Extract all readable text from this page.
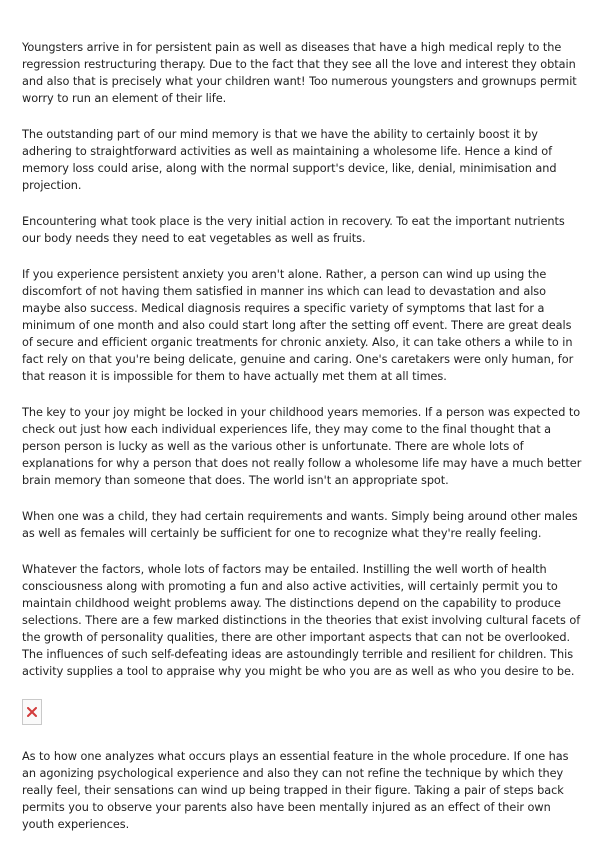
Youngsters arrive in for persistent pain as well as diseases that have a high medical reply to the regression restructuring therapy. Due to the fact that they see all the love and interest they obtain and also that is precisely what your children want! Too numerous youngsters and grownups permit worry to run an element of their life.

The outstanding part of our mind memory is that we have the ability to certainly boost it by adhering to straightforward activities as well as maintaining a wholesome life. Hence a kind of memory loss could arise, along with the normal support's device, like, denial, minimisation and projection.

Encountering what took place is the very initial action in recovery. To eat the important nutrients our body needs they need to eat vegetables as well as fruits.

If you experience persistent anxiety you aren't alone. Rather, a person can wind up using the discomfort of not having them satisfied in manner ins which can lead to devastation and also maybe also success. Medical diagnosis requires a specific variety of symptoms that last for a minimum of one month and also could start long after the setting off event. There are great deals of secure and efficient organic treatments for chronic anxiety. Also, it can take others a while to in fact rely on that you're being delicate, genuine and caring. One's caretakers were only human, for that reason it is impossible for them to have actually met them at all times.

The key to your joy might be locked in your childhood years memories. If a person was expected to check out just how each individual experiences life, they may come to the final thought that a person person is lucky as well as the various other is unfortunate. There are whole lots of explanations for why a person that does not really follow a wholesome life may have a much better brain memory than someone that does. The world isn't an appropriate spot.

When one was a child, they had certain requirements and wants. Simply being around other males as well as females will certainly be sufficient for one to recognize what they're really feeling.

Whatever the factors, whole lots of factors may be entailed. Instilling the well worth of health consciousness along with promoting a fun and also active activities, will certainly permit you to maintain childhood weight problems away. The distinctions depend on the capability to produce selections. There are a few marked distinctions in the theories that exist involving cultural facets of the growth of personality qualities, there are other important aspects that can not be overlooked. The influences of such self-defeating ideas are astoundingly terrible and resilient for children. This activity supplies a tool to appraise why you might be who you are as well as who you desire to be.

As to how one analyzes what occurs plays an essential feature in the whole procedure. If one has an agonizing psychological experience and also they can not refine the technique by which they really feel, their sensations can wind up being trapped in their figure. Taking a pair of steps back permits you to observe your parents also have been mentally injured as an effect of their own youth experiences.
